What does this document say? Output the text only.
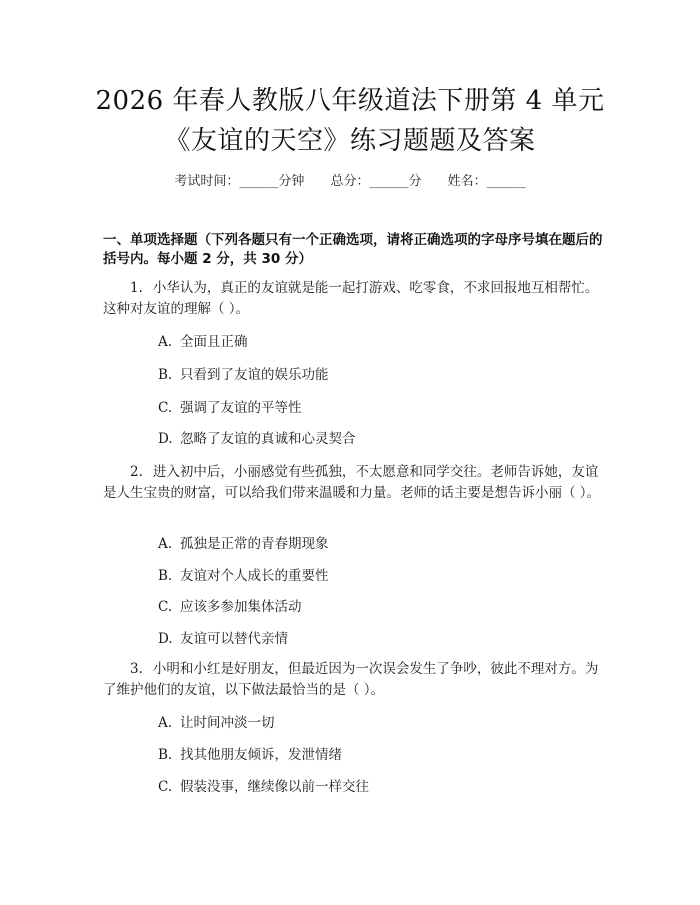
2026 年春人教版八年级道法下册第 4 单元
《友谊的天空》练习题题及答案
考试时间：______分钟 总分：______分 姓名：______
一、单项选择题（下列各题只有一个正确选项，请将正确选项的字母序号填在题后的括号内。每小题 2 分，共 30 分）
1. 小华认为，真正的友谊就是能一起打游戏、吃零食，不求回报地互相帮忙。这种对友谊的理解（ ）。
A. 全面且正确
B. 只看到了友谊的娱乐功能
C. 强调了友谊的平等性
D. 忽略了友谊的真诚和心灵契合
2. 进入初中后，小丽感觉有些孤独，不太愿意和同学交往。老师告诉她，友谊是人生宝贵的财富，可以给我们带来温暖和力量。老师的话主要是想告诉小丽（ ）。
A. 孤独是正常的青春期现象
B. 友谊对个人成长的重要性
C. 应该多参加集体活动
D. 友谊可以替代亲情
3. 小明和小红是好朋友，但最近因为一次误会发生了争吵，彼此不理对方。为了维护他们的友谊，以下做法最恰当的是（ ）。
A. 让时间冲淡一切
B. 找其他朋友倾诉，发泄情绪
C. 假装没事，继续像以前一样交往
